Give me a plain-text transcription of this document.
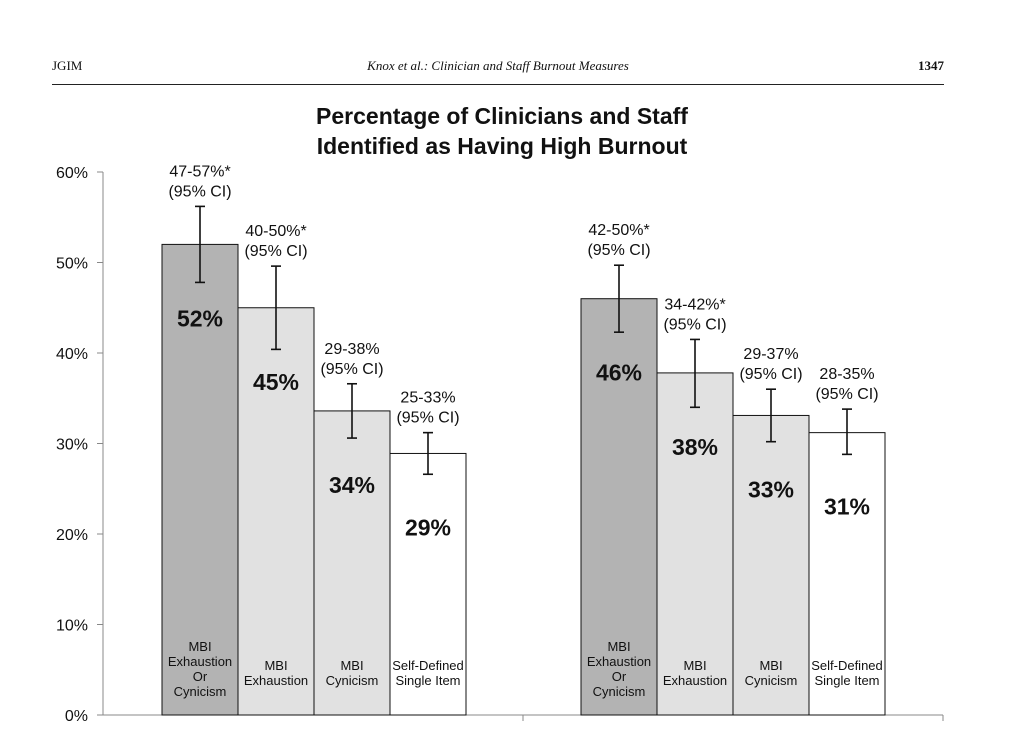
JGIM	Knox et al.: Clinician and Staff Burnout Measures	1347
Percentage of Clinicians and Staff
Identified as Having High Burnout
0%
10%
20%
30%
40%
50%
60%	47-57%*
(95% CI)
52%
MBI
Exhaustion
Or
Cynicism
40-50%*
(95% CI)
45%
MBI
Exhaustion
29-38%
(95% CI)
34%
MBI
Cynicism
25-33%
(95% CI)
29%
Self-Defined
Single Item
42-50%*
(95% CI)
46%
MBI
Exhaustion
Or
Cynicism
34-42%*
(95% CI)
38%
MBI
Exhaustion
29-37%
(95% CI)
33%
MBI
Cynicism
28-35%
(95% CI)
31%
Self-Defined
Single Item
